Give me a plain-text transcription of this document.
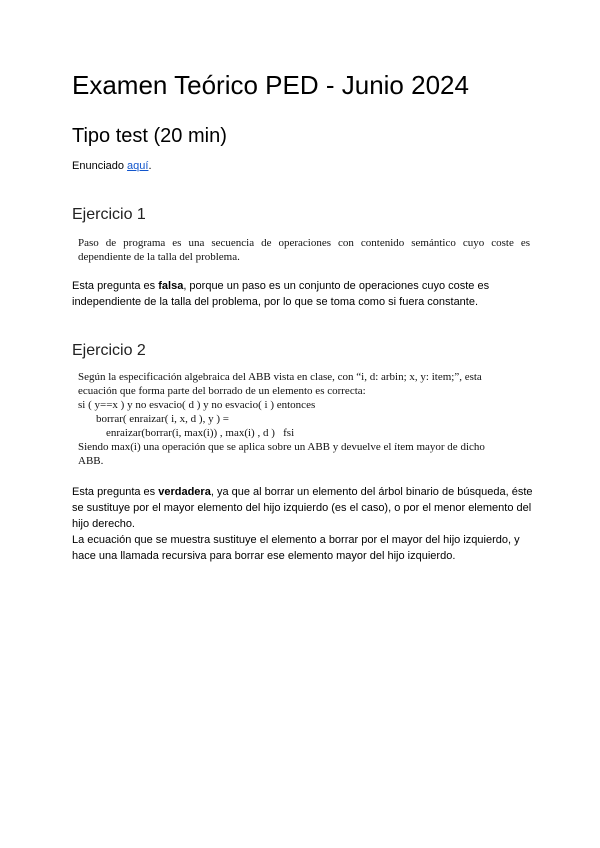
Examen Teórico PED - Junio 2024
Tipo test (20 min)

Enunciado aquí.

Ejercicio 1

Paso de programa es una secuencia de operaciones con contenido semántico cuyo coste es dependiente de la talla del problema.

Esta pregunta es falsa, porque un paso es un conjunto de operaciones cuyo coste es independiente de la talla del problema, por lo que se toma como si fuera constante.

Ejercicio 2
Según la especificación algebraica del ABB vista en clase, con “i, d: arbin; x, y: item;”, esta
ecuación que forma parte del borrado de un elemento es correcta:
si ( y==x ) y no esvacio( d ) y no esvacio( i ) entonces
borrar( enraizar( i, x, d ), y ) =
enraizar(borrar(i, max(i)) , max(i) , d )   fsi
Siendo max(i) una operación que se aplica sobre un ABB y devuelve el ítem mayor de dicho
ABB.

Esta pregunta es verdadera, ya que al borrar un elemento del árbol binario de búsqueda, éste se sustituye por el mayor elemento del hijo izquierdo (es el caso), o por el menor elemento del hijo derecho.

La ecuación que se muestra sustituye el elemento a borrar por el mayor del hijo izquierdo, y hace una llamada recursiva para borrar ese elemento mayor del hijo izquierdo.
